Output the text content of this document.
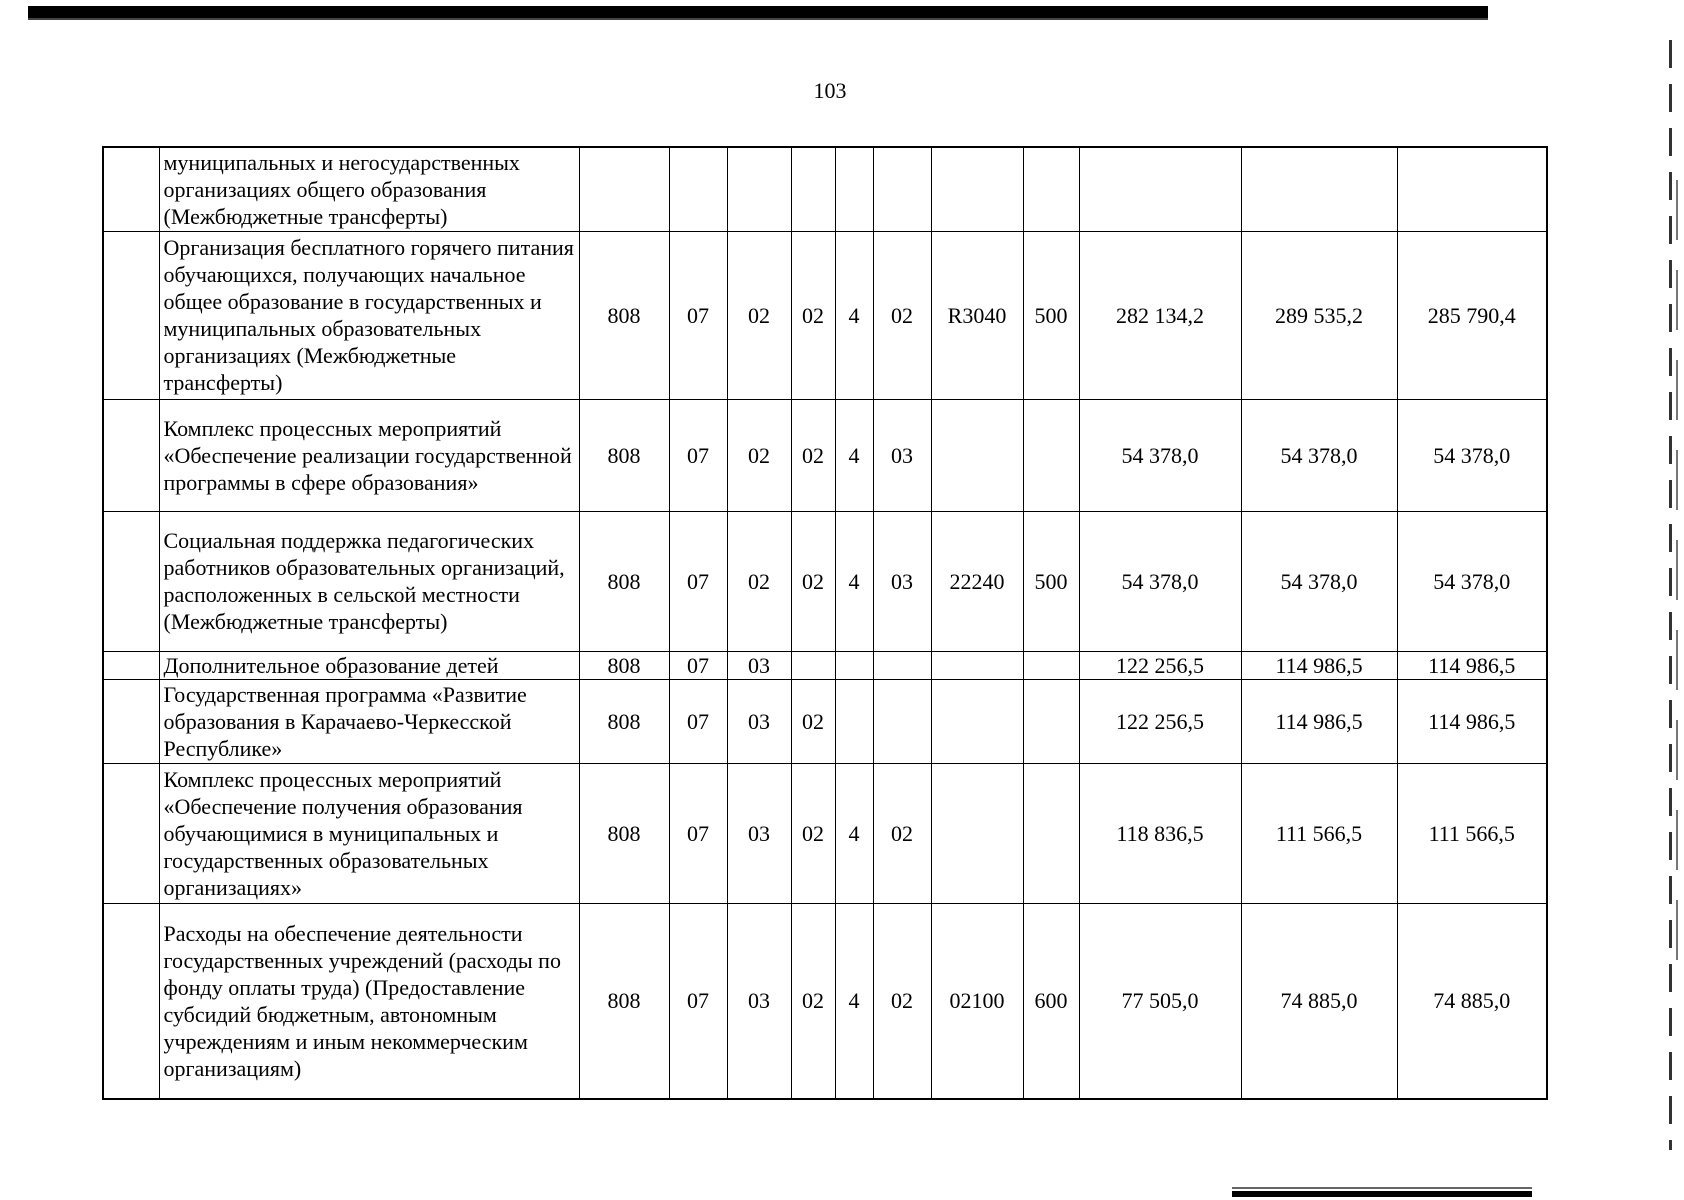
103
	муниципальных и негосударственных организациях общего образования (Межбюджетные трансферты)											
	Организация бесплатного горячего питания обучающихся, получающих начальное общее образование в государственных и муниципальных образовательных организациях (Межбюджетные трансферты)	808	07	02	02	4	02	R3040	500	282 134,2	289 535,2	285 790,4
	Комплекс процессных мероприятий «Обеспечение реализации государственной программы в сфере образования»	808	07	02	02	4	03			54 378,0	54 378,0	54 378,0
	Социальная поддержка педагогических работников образовательных организаций, расположенных в сельской местности (Межбюджетные трансферты)	808	07	02	02	4	03	22240	500	54 378,0	54 378,0	54 378,0
	Дополнительное образование детей	808	07	03						122 256,5	114 986,5	114 986,5
	Государственная программа «Развитие образования в Карачаево-Черкесской Республике»	808	07	03	02					122 256,5	114 986,5	114 986,5
	Комплекс процессных мероприятий «Обеспечение получения образования обучающимися в муниципальных и государственных образовательных организациях»	808	07	03	02	4	02			118 836,5	111 566,5	111 566,5
	Расходы на обеспечение деятельности государственных учреждений (расходы по фонду оплаты труда) (Предоставление субсидий бюджетным, автономным учреждениям и иным некоммерческим организациям)	808	07	03	02	4	02	02100	600	77 505,0	74 885,0	74 885,0
